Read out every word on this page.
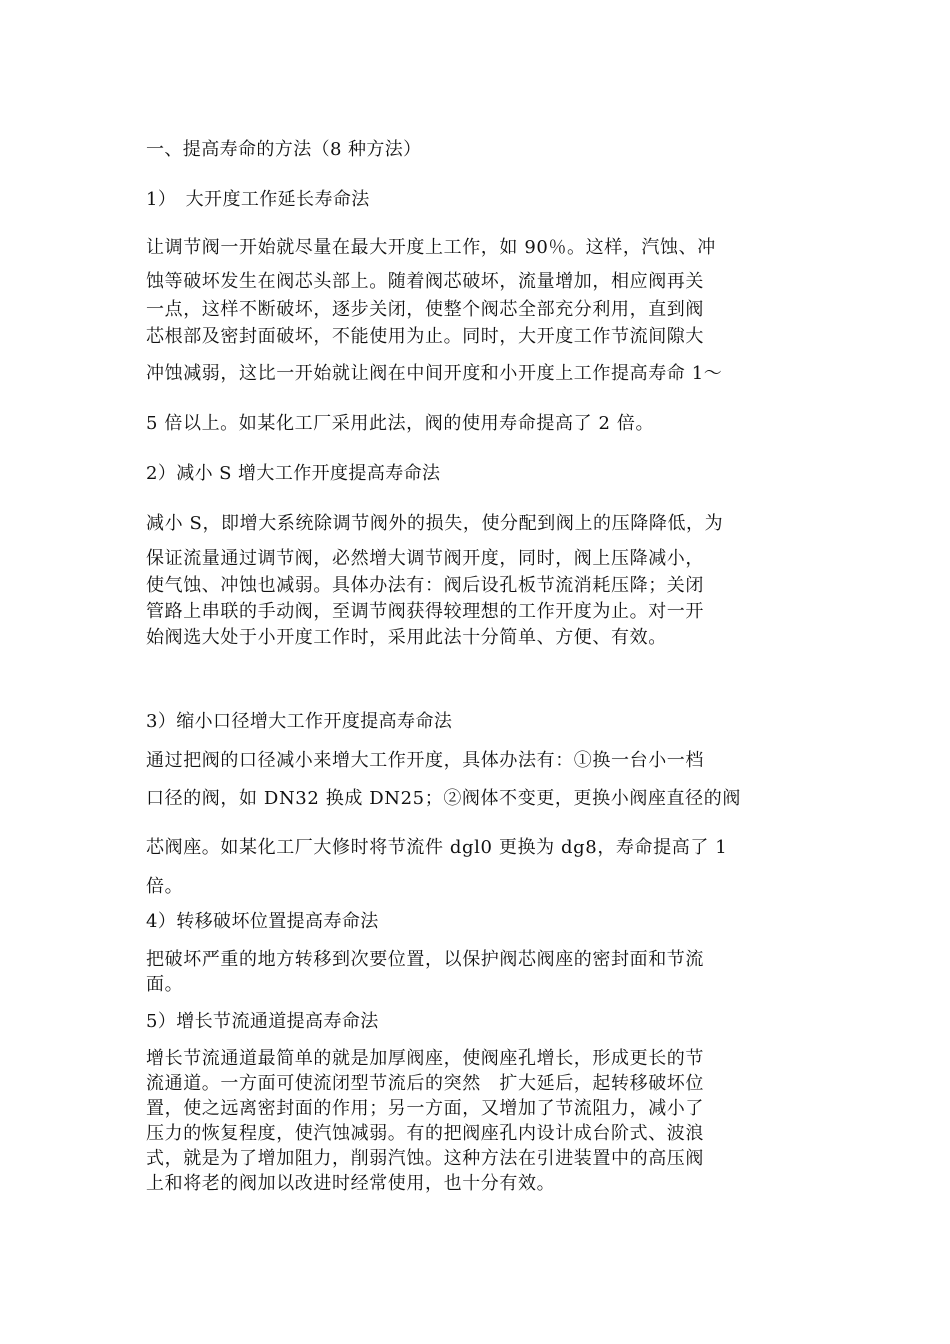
一、提高寿命的方法（8 种方法）

1）　大开度工作延长寿命法

让调节阀一开始就尽量在最大开度上工作，如 90％。这样，汽蚀、冲

蚀等破坏发生在阀芯头部上。随着阀芯破坏，流量增加，相应阀再关

一点，这样不断破坏，逐步关闭，使整个阀芯全部充分利用，直到阀

芯根部及密封面破坏，不能使用为止。同时，大开度工作节流间隙大

冲蚀减弱，这比一开始就让阀在中间开度和小开度上工作提高寿命 1～

5 倍以上。如某化工厂采用此法，阀的使用寿命提高了 2 倍。

2）减小 S 增大工作开度提高寿命法

减小 S，即增大系统除调节阀外的损失，使分配到阀上的压降降低，为

保证流量通过调节阀，必然增大调节阀开度，同时，阀上压降减小，

使气蚀、冲蚀也减弱。具体办法有：阀后设孔板节流消耗压降；关闭

管路上串联的手动阀，至调节阀获得较理想的工作开度为止。对一开

始阀选大处于小开度工作时，采用此法十分简单、方便、有效。

3）缩小口径增大工作开度提高寿命法

通过把阀的口径减小来增大工作开度，具体办法有：①换一台小一档

口径的阀，如 DN32 换成 DN25；②阀体不变更，更换小阀座直径的阀

芯阀座。如某化工厂大修时将节流件 dgl0 更换为 dg8，寿命提高了 1

倍。

4）转移破坏位置提高寿命法

把破坏严重的地方转移到次要位置，以保护阀芯阀座的密封面和节流

面。

5）增长节流通道提高寿命法

增长节流通道最简单的就是加厚阀座，使阀座孔增长，形成更长的节

流通道。一方面可使流闭型节流后的突然　扩大延后，起转移破坏位

置，使之远离密封面的作用；另一方面，又增加了节流阻力，减小了

压力的恢复程度，使汽蚀减弱。有的把阀座孔内设计成台阶式、波浪

式，就是为了增加阻力，削弱汽蚀。这种方法在引进装置中的高压阀

上和将老的阀加以改进时经常使用，也十分有效。
